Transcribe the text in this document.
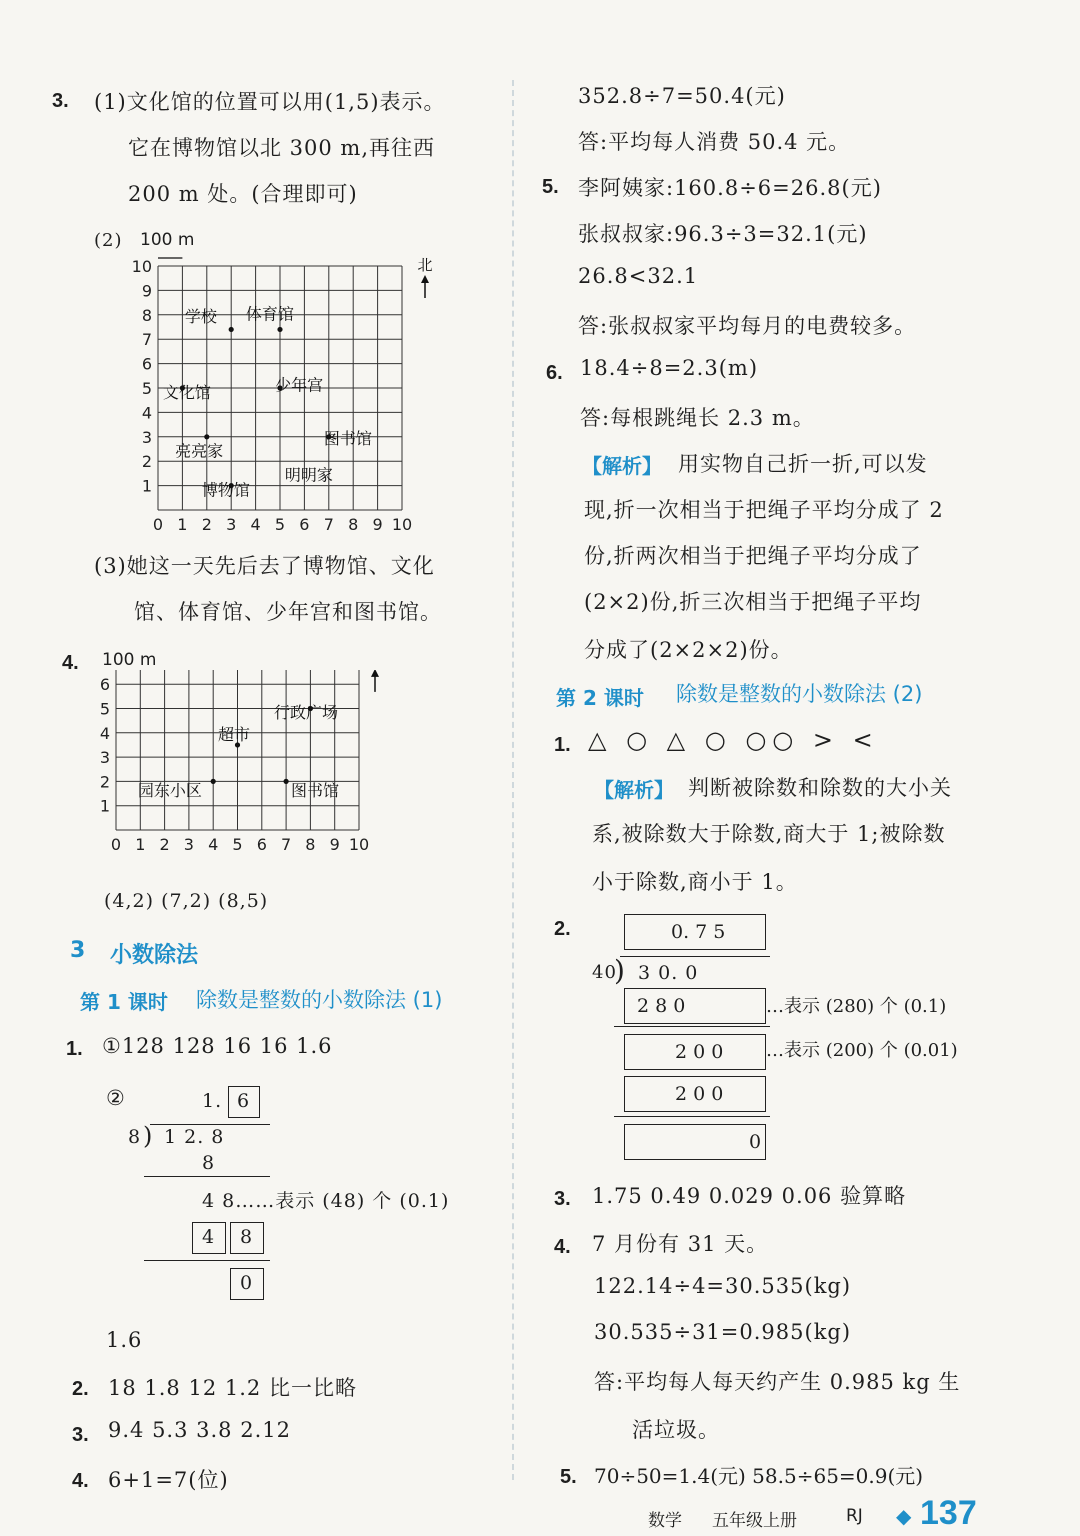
3. (1)文化馆的位置可以用(1,5)表示。
它在博物馆以北 300 m,再往西
200 m 处。(合理即可)
(2) 100 m
0 1 2 3 4 5 6 7 8 9 10
1
2
3
4
5
6
7
8
9
10
学校 体育馆
文化馆	少年宫
亮亮家
图书馆
明明家
博物馆
北
(3)她这一天先后去了博物馆、文化
馆、体育馆、少年宫和图书馆。
4. 100 m
0 1 2 3 4 5 6 7 8 9 10
1
2
3
4
5
6
行政广场
超市
园东小区	图书馆
(4,2) (7,2) (8,5)
3 小数除法
第 1 课时 除数是整数的小数除法 (1)
1. ①128 128 16 16 1.6
②	1. 6
8 ) 1 2. 8
8
4 8……表示 (48) 个 (0.1)
4 8
0
1.6
2. 18 1.8 12 1.2 比一比略
3. 9.4 5.3 3.8 2.12
4. 6+1=7(位)
352.8÷7=50.4(元)
答:平均每人消费 50.4 元。
5. 李阿姨家:160.8÷6=26.8(元)
张叔叔家:96.3÷3=32.1(元)
26.8<32.1
答:张叔叔家平均每月的电费较多。
6. 18.4÷8=2.3(m)
答:每根跳绳长 2.3 m。
【解析】 用实物自己折一折,可以发
现,折一次相当于把绳子平均分成了 2
份,折两次相当于把绳子平均分成了
(2×2)份,折三次相当于把绳子平均
分成了(2×2×2)份。
第 2 课时 除数是整数的小数除法 (2)
1. △ ○ △ ○ ○○ > <
【解析】 判断被除数和除数的大小关
系,被除数大于除数,商大于 1;被除数
小于除数,商小于 1。
2.	0. 7 5
40
) 3 0. 0
2 8 0	…表示 (280) 个 (0.1)
2 0 0 …表示 (200) 个 (0.01)
2 0 0
0
3. 1.75 0.49 0.029 0.06 验算略
4. 7 月份有 31 天。
122.14÷4=30.535(kg)
30.535÷31=0.985(kg)
答:平均每人每天约产生 0.985 kg 生
活垃圾。
5. 70÷50=1.4(元) 58.5÷65=0.9(元)
数学 五年级上册	RJ ◆ 137
